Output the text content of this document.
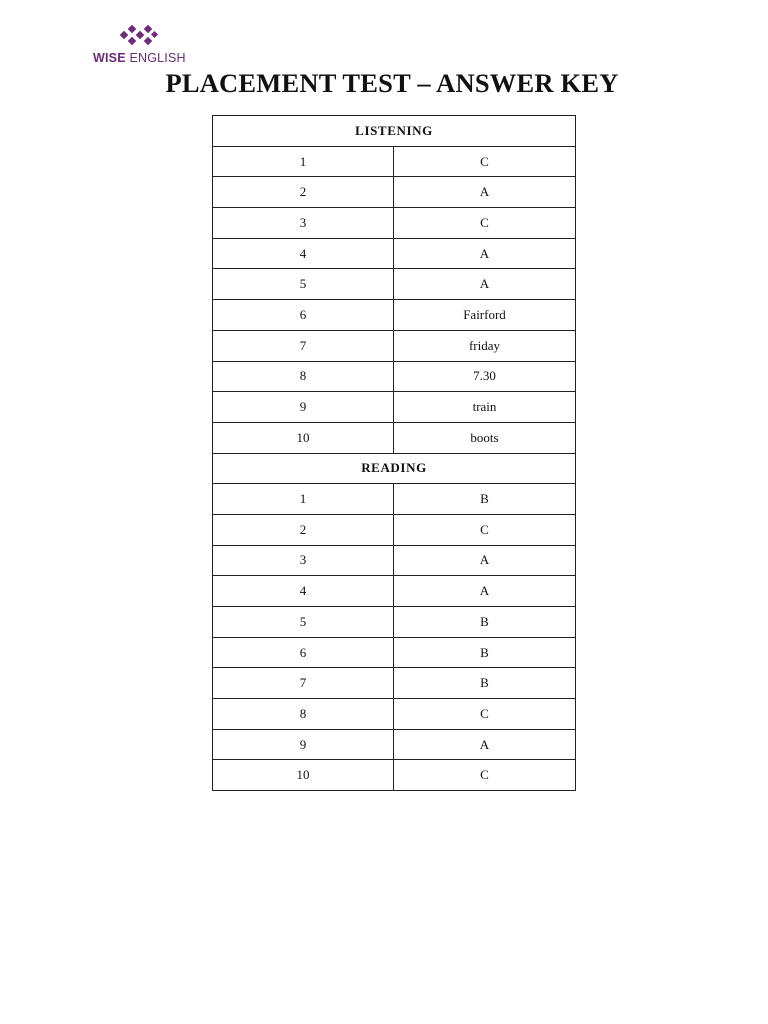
WISE ENGLISH
PLACEMENT TEST – ANSWER KEY
LISTENING	
1	C
2	A
3	C
4	A
5	A
6	Fairford
7	friday
8	7.30
9	train
10	boots
READING	
1	B
2	C
3	A
4	A
5	B
6	B
7	B
8	C
9	A
10	C
